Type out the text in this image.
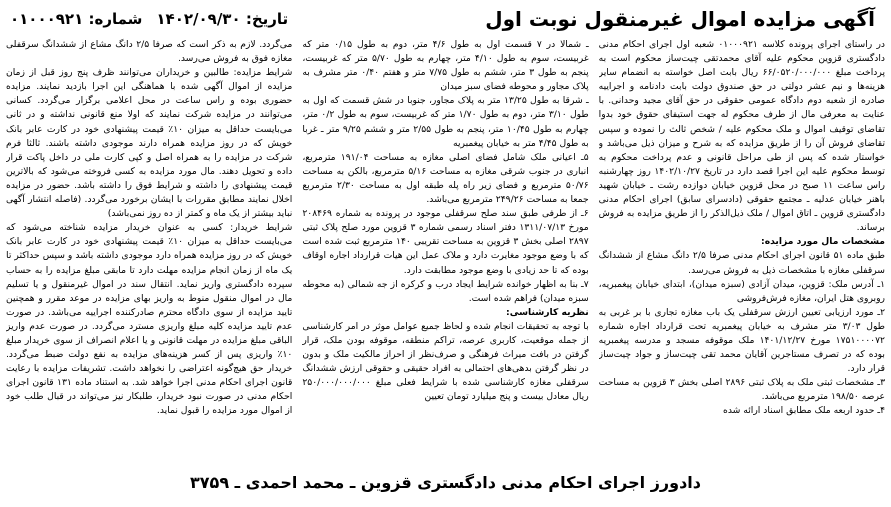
آگهی مزایده اموال غیرمنقول نوبت اول
تاریخ: ۱۴۰۲/۰۹/۳۰
شماره: ۰۱۰۰۰۹۲۱

در راستای اجرای پرونده کلاسه ۰۱۰۰۰۹۲۱ شعبه اول اجرای احکام مدنی دادگستری قزوین محکوم علیه آقای محمدتقی چیت‌ساز محکوم است به پرداخت مبلغ ۶۶/۰۵۲۰/۰۰۰/۰۰۰ ریال بابت اصل خواسته به انضمام سایر هزینه‌ها و نیم عشر دولتی در حق صندوق دولت بابت دادنامه و اجراییه صادره از شعبه دوم دادگاه عمومی حقوقی در حق آقای مجید وحدانی. با عنایت به معرفی مال از طرف محکوم له جهت استیفای حقوق خود بدوا تقاضای توقیف اموال و ملک محکوم علیه / شخص ثالث را نموده و سپس تقاضای فروش آن را از طریق مزایده که به شرح و میزان ذیل می‌باشد و خواستار شده که پس از طی مراحل قانونی و عدم پرداخت محکوم به توسط محکوم علیه این اجرا قصد دارد در تاریخ ۱۴۰۲/۱۰/۲۷ روز چهارشنبه راس ساعت ۱۱ صبح در محل قزوین خیابان دوازده رشت ـ خیابان شهید باهنر خیابان عدلیه ـ مجتمع حقوقی (دادسرای سابق) اجرای احکام مدنی دادگستری قزوین ـ اتاق اموال / ملک ذیل‌الذکر را از طریق مزایده به فروش برساند.

مشخصات مال مورد مزایده:

طبق ماده ۵۱ قانون اجرای احکام مدنی صرفا ۲/۵ دانگ مشاع از ششدانگ سرقفلی مغازه با مشخصات ذیل به فروش می‌رسد.

۱ـ آدرس ملک: قزوین، میدان آزادی (سبزه میدان)، ابتدای خیابان پیغمبریه، روبروی هتل ایران، مغازه فرش‌فروشی

۲ـ مورد ارزیابی تعیین ارزش سرقفلی یک باب مغازه تجاری با بر غربی به طول ۳/۰۳ متر مشرف به خیابان پیغمبریه تحت قرارداد اجاره شماره ۱۷۵۱۰۰۰۰۷۲ مورخ ۱۴۰۱/۱۲/۲۷ ملک موقوفه مسجد و مدرسه پیغمبریه بوده که در تصرف مستاجرین آقایان محمد تقی چیت‌ساز و جواد چیت‌ساز قرار دارد.

۳ـ مشخصات ثبتی ملک به پلاک ثبتی ۲۸۹۶ اصلی بخش ۳ قزوین به مساحت عرصه ۱۹۸/۵۰ مترمربع می‌باشد.

۴ـ حدود اربعه ملک مطابق اسناد ارائه شده

ـ شمالا در ۷ قسمت اول به طول ۴/۶ متر، دوم به طول ۰/۱۵ متر که غربیست، سوم به طول ۴/۱۰ متر، چهارم به طول ۵/۷۰ متر که غربیست، پنجم به طول ۳ متر، ششم به طول ۷/۷۵ متر و هفتم ۰/۴۰ متر مشرف به پلاک مجاور و محوطه فضای سبز میدان

ـ شرقا به طول ۱۳/۲۵ متر به پلاک مجاور، جنوبا در شش قسمت که اول به طول ۳/۱۰ متر، دوم به طول ۱/۷۰ متر که غربیست، سوم به طول ۰/۲ متر، چهارم به طول ۱۰/۴۵ متر، پنجم به طول ۲/۵۵ متر و ششم ۹/۲۵ متر ـ غربا به طول ۴/۴۵ متر به خیابان پیغمبریه

۵ـ اعیانی ملک شامل فضای اصلی مغازه به مساحت ۱۹۱/۰۴ مترمربع، انباری در جنوب شرقی مغازه به مساحت ۵/۱۶ مترمربع، بالکن به مساحت ۵۰/۷۶ مترمربع و فضای زیر راه پله طبقه اول به مساحت ۲/۳۰ مترمربع جمعا به مساحت ۲۴۹/۲۶ مترمربع می‌باشد.

۶ـ از طرفی طبق سند صلح سرقفلی موجود در پرونده به شماره ۲۰۸۴۶۹ مورخ ۱۳۱۱/۰۷/۱۳ دفتر اسناد رسمی شماره ۳ قزوین مورد صلح پلاک ثبتی ۲۸۹۷ اصلی بخش ۳ قزوین به مساحت تقریبی ۱۴۰ مترمربع ثبت شده است که با وضع موجود مغایرت دارد و ملاک عمل این هیات قرارداد اجاره اوقاف بوده که تا حد زیادی با وضع موجود مطابقت دارد.

۷ـ بنا به اظهار خوانده شرایط ایجاد درب و کرکره از جه شمالی (به محوطه سبزه میدان) فراهم شده است.

نظریه کارشناسی:

با توجه به تحقیقات انجام شده و لحاظ جمیع عوامل موثر در امر کارشناسی از جمله موقعیت، کاربری عرصه، تراکم منطقه، موقوفه بودن ملک، قرار گرفتن در بافت میراث فرهنگی و صرف‌نظر از احراز مالکیت ملک و بدون در نظر گرفتن بدهی‌های احتمالی به افراد حقیقی و حقوقی ارزش ششدانگ سرقفلی مغازه کارشناسی شده با شرایط فعلی مبلغ ۲۵۰/۰۰۰/۰۰۰/۰۰۰ ریال معادل بیست و پنج میلیارد تومان تعیین

می‌گردد. لازم به ذکر است که صرفا ۲/۵ دانگ مشاع از ششدانگ سرقفلی مغازه فوق به فروش می‌رسد.

شرایط مزایده: طالبین و خریداران می‌توانند ظرف پنج روز قبل از زمان مزایده از اموال آگهی شده با هماهنگی این اجرا بازدید نمایند. مزایده حضوری بوده و راس ساعت در محل اعلامی برگزار می‌گردد. کسانی می‌توانند در مزایده شرکت نمایند که اولا منع قانونی نداشته و در ثانی می‌بایست حداقل به میزان ۱۰٪ قیمت پیشنهادی خود در کارت عابر بانک خویش که در روز مزایده همراه دارند موجودی داشته باشند. ثالثا فرم شرکت در مزایده را به همراه اصل و کپی کارت ملی در داخل پاکت قرار داده و تحویل دهند. مال مورد مزایده به کسی فروخته می‌شود که بالاترین قیمت پیشنهادی را داشته و شرایط فوق را داشته باشد. حضور در مزایده اخلال نمایند مطابق مقررات با ایشان برخورد می‌گردد. (فاصله انتشار آگهی نباید بیشتر از یک ماه و کمتر از ده روز نمی‌باشد)

شرایط خریدار: کسی به عنوان خریدار مزایده شناخته می‌شود که می‌بایست حداقل به میزان ۱۰٪ قیمت پیشنهادی خود در کارت عابر بانک خویش که در روز مزایده همراه دارد موجودی داشته باشد و سپس حداکثر تا یک ماه از زمان انجام مزایده مهلت دارد تا مابقی مبلغ مزایده را به حساب سپرده دادگستری واریز نماید. انتقال سند در اموال غیرمنقول و یا تسلیم مال در اموال منقول منوط به واریز بهای مزایده در موعد مقرر و همچنین تایید مزایده از سوی دادگاه محترم صادرکننده اجراییه می‌باشد. در صورت عدم تایید مزایده کلیه مبلغ واریزی مسترد می‌گردد. در صورت عدم واریز الباقی مبلغ مزایده در مهلت قانونی و یا اعلام انصراف از سوی خریدار مبلغ ۱۰٪ واریزی پس از کسر هزینه‌های مزایده به نفع دولت ضبط می‌گردد. خریدار حق هیچ‌گونه اعتراضی را نخواهد داشت. تشریفات مزایده با رعایت قانون اجرای احکام مدنی اجرا خواهد شد. به استناد ماده ۱۳۱ قانون اجرای احکام مدنی در صورت نبود خریدار، طلبکار نیز می‌تواند در قبال طلب خود از اموال مورد مزایده را قبول نماید.

دادورز اجرای احکام مدنی دادگستری قزوین ـ محمد احمدی ـ ۳۷۵۹
